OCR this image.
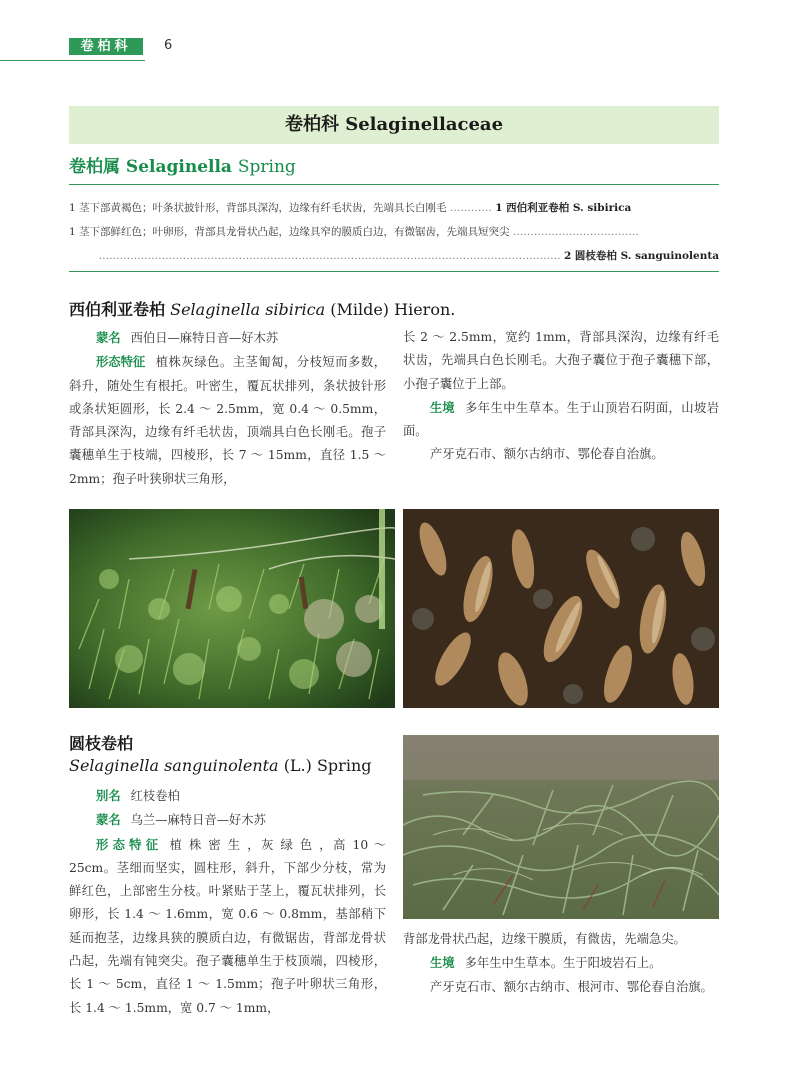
卷柏科	6
卷柏科 Selaginellaceae
卷柏属 Selaginella Spring
1 茎下部黄褐色；叶条状披针形，背部具深沟，边缘有纤毛状齿，先端具长白刚毛 ………… 1 西伯利亚卷柏 S. sibirica
1 茎下部鲜红色；叶卵形，背部具龙骨状凸起，边缘具窄的膜质白边，有微锯齿，先端具短突尖 ………………………………
…………………………………………………………………………………………………………………… 2 圆枝卷柏 S. sanguinolenta
西伯利亚卷柏 Selaginella sibirica (Milde) Hieron.

蒙名 西伯日—麻特日音—好木苏

形态特征 植株灰绿色。主茎匍匐，分枝短而多数，斜升，随处生有根托。叶密生，覆瓦状排列，条状披针形或条状矩圆形，长 2.4 ～ 2.5mm，宽 0.4 ～ 0.5mm，背部具深沟，边缘有纤毛状齿，顶端具白色长刚毛。孢子囊穗单生于枝端，四棱形，长 7 ～ 15mm，直径 1.5 ～ 2mm；孢子叶狭卵状三角形，

长 2 ～ 2.5mm，宽约 1mm，背部具深沟，边缘有纤毛状齿，先端具白色长刚毛。大孢子囊位于孢子囊穗下部，小孢子囊位于上部。

生境 多年生中生草本。生于山顶岩石阴面，山坡岩面。

产牙克石市、额尔古纳市、鄂伦春自治旗。

圆枝卷柏
Selaginella sanguinolenta (L.) Spring

别名 红枝卷柏

蒙名 乌兰—麻特日音—好木苏

形 态 特 征 植 株 密 生 ，灰 绿 色 ，高 10 ～ 25cm。茎细而坚实，圆柱形，斜升，下部少分枝，常为鲜红色，上部密生分枝。叶紧贴于茎上，覆瓦状排列，长卵形，长 1.4 ～ 1.6mm，宽 0.6 ～ 0.8mm，基部稍下延而抱茎，边缘具狭的膜质白边，有微锯齿，背部龙骨状凸起，先端有钝突尖。孢子囊穗单生于枝顶端，四棱形，长 1 ～ 5cm，直径 1 ～ 1.5mm；孢子叶卵状三角形，长 1.4 ～ 1.5mm，宽 0.7 ～ 1mm，

背部龙骨状凸起，边缘干膜质，有微齿，先端急尖。

生境 多年生中生草本。生于阳坡岩石上。

产牙克石市、额尔古纳市、根河市、鄂伦春自治旗。
